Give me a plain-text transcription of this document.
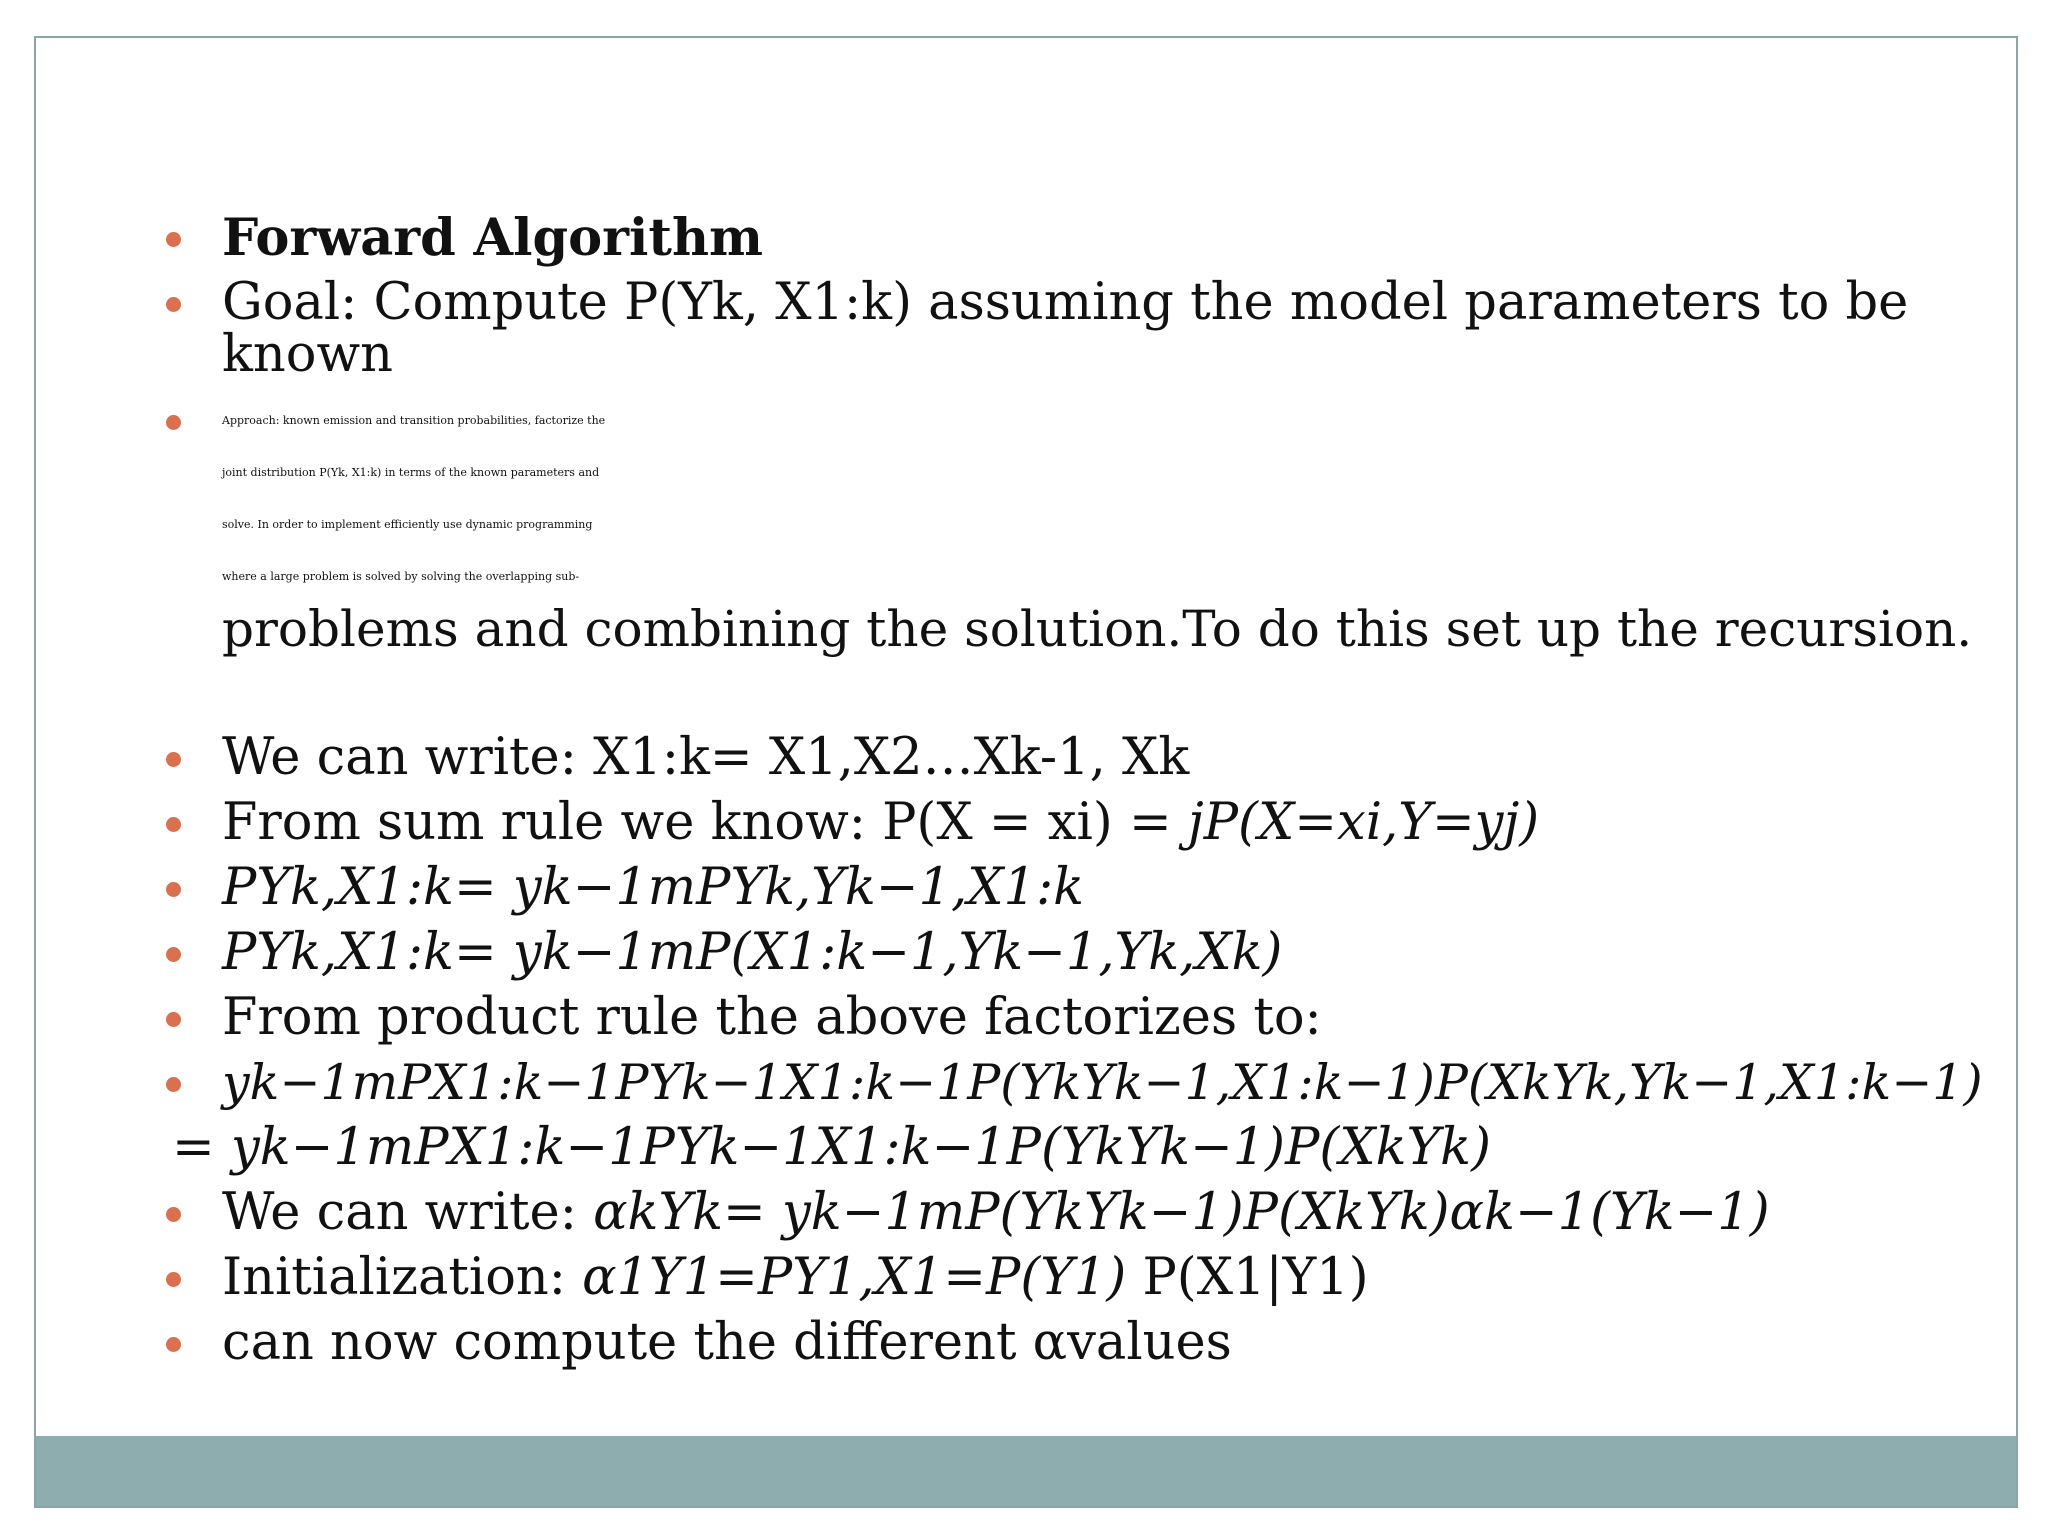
Forward Algorithm
Goal: Compute P(Yk, X1:k) assuming the model parameters to be
known
Approach: known emission and transition probabilities, factorize the
joint distribution P(Yk, X1:k) in terms of the known parameters and
solve. In order to implement efficiently use dynamic programming
where a large problem is solved by solving the overlapping sub-
problems and combining the solution.To do this set up the recursion.
We can write: X1:k= X1,X2…Xk-1, Xk
From sum rule we know: P(X = xi) = jP(X=xi,Y=yj)
PYk,X1:k= yk−1mPYk,Yk−1,X1:k
PYk,X1:k= yk−1mP(X1:k−1,Yk−1,Yk,Xk)
From product rule the above factorizes to:
yk−1mPX1:k−1PYk−1X1:k−1P(YkYk−1,X1:k−1)P(XkYk,Yk−1,X1:k−1)
= yk−1mPX1:k−1PYk−1X1:k−1P(YkYk−1)P(XkYk)
We can write: αkYk= yk−1mP(YkYk−1)P(XkYk)αk−1(Yk−1)
Initialization: α1Y1=PY1,X1=P(Y1) P(X1|Y1)
can now compute the different αvalues
